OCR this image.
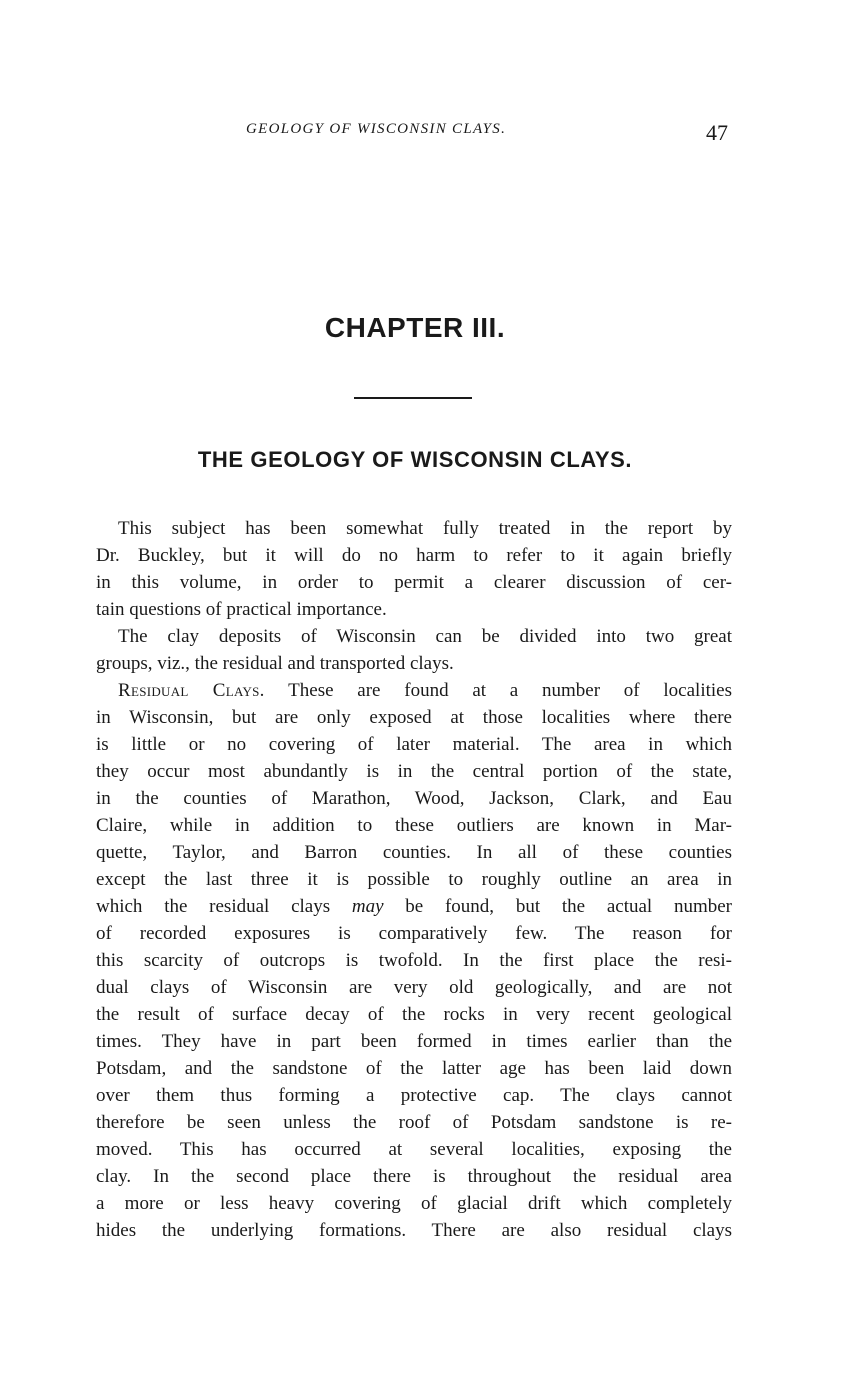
GEOLOGY OF WISCONSIN CLAYS.	47
CHAPTER III.
THE GEOLOGY OF WISCONSIN CLAYS.
This subject has been somewhat fully treated in the report by
Dr. Buckley, but it will do no harm to refer to it again briefly
in this volume, in order to permit a clearer discussion of cer-
tain questions of practical importance.
The clay deposits of Wisconsin can be divided into two great
groups, viz., the residual and transported clays.
Residual Clays. These are found at a number of localities
in Wisconsin, but are only exposed at those localities where there
is little or no covering of later material. The area in which
they occur most abundantly is in the central portion of the state,
in the counties of Marathon, Wood, Jackson, Clark, and Eau
Claire, while in addition to these outliers are known in Mar-
quette, Taylor, and Barron counties. In all of these counties
except the last three it is possible to roughly outline an area in
which the residual clays may be found, but the actual number
of recorded exposures is comparatively few. The reason for
this scarcity of outcrops is twofold. In the first place the resi-
dual clays of Wisconsin are very old geologically, and are not
the result of surface decay of the rocks in very recent geological
times. They have in part been formed in times earlier than the
Potsdam, and the sandstone of the latter age has been laid down
over them thus forming a protective cap. The clays cannot
therefore be seen unless the roof of Potsdam sandstone is re-
moved. This has occurred at several localities, exposing the
clay. In the second place there is throughout the residual area
a more or less heavy covering of glacial drift which completely
hides the underlying formations. There are also residual clays
